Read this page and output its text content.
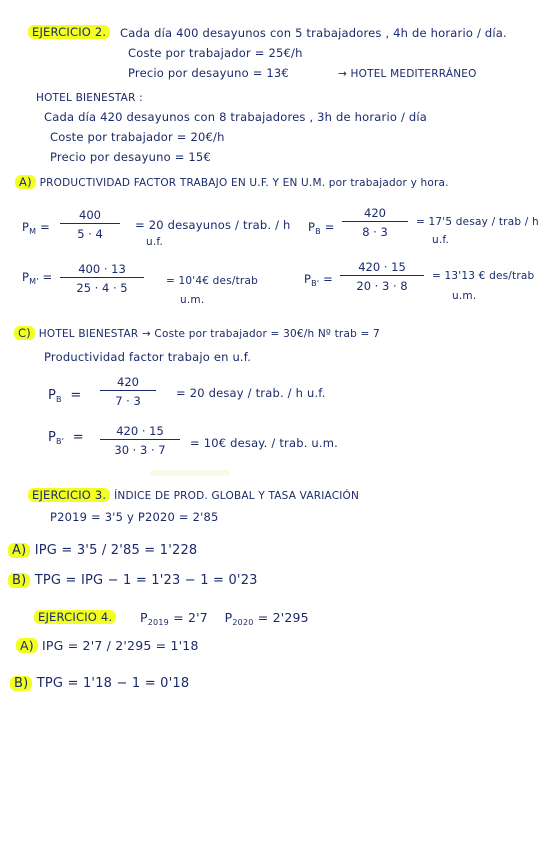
EJERCICIO 2.	Cada día 400 desayunos con 5 trabajadores , 4h de horario / día.
Coste por trabajador = 25€/h
Precio por desayuno = 13€	→ HOTEL MEDITERRÁNEO
HOTEL BIENESTAR :
Cada día 420 desayunos con 8 trabajadores , 3h de horario / día
Coste por trabajador = 20€/h
Precio por desayuno = 15€
A) PRODUCTIVIDAD FACTOR TRABAJO EN U.F. Y EN U.M. por trabajador y hora.
$P_M$ =
400
5 · 4
= 20 desayunos / trab. / h
u.f.
$P_B$ =
420
8 · 3
= 17'5 desay / trab / h
u.f.
$P_{M'}$ =
400 · 13
25 · 4 · 5	= 10'4€ des/trab
u.m.
$P_{B'}$ =
420 · 15
20 · 3 · 8
= 13'13 € des/trab
u.m.
C) HOTEL BIENESTAR → Coste por trabajador = 30€/h Nº trab = 7
Productividad factor trabajo en u.f.
$P_B$  =
420
7 · 3
= 20 desay / trab. / h u.f.
$P_{B'}$  =	420 · 15
30 · 3 · 7	= 10€ desay. / trab. u.m.
EJERCICIO 3. ÍNDICE DE PROD. GLOBAL Y TASA VARIACIÓN
P2019 = 3'5 y P2020 = 2'85
A) IPG = 3'5 / 2'85 = 1'228
B) TPG = IPG − 1 = 1'23 − 1 = 0'23
EJERCICIO 4.	$P_{2019} = 2'7$ $P_{2020} = 2'295$
A) IPG = 2'7 / 2'295 = 1'18
B) TPG = 1'18 − 1 = 0'18
